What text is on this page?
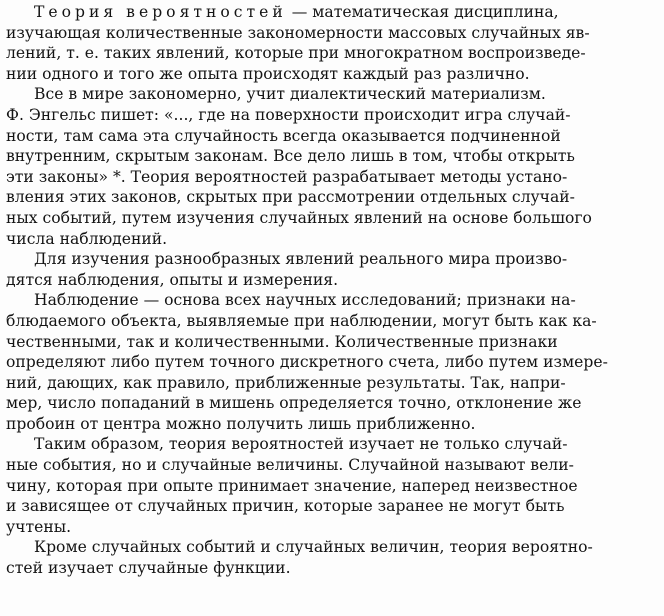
Теория вероятностей — математическая дисциплина,
изучающая количественные закономерности массовых случайных яв-
лений, т. е. таких явлений, которые при многократном воспроизведе-
нии одного и того же опыта происходят каждый раз различно.
Все в мире закономерно, учит диалектический материализм.
Ф. Энгельс пишет: «..., где на поверхности происходит игра случай-
ности, там сама эта случайность всегда оказывается подчиненной
внутренним, скрытым законам. Все дело лишь в том, чтобы открыть
эти законы» *. Теория вероятностей разрабатывает методы устано-
вления этих законов, скрытых при рассмотрении отдельных случай-
ных событий, путем изучения случайных явлений на основе большого
числа наблюдений.
Для изучения разнообразных явлений реального мира произво-
дятся наблюдения, опыты и измерения.
Наблюдение — основа всех научных исследований; признаки на-
блюдаемого объекта, выявляемые при наблюдении, могут быть как ка-
чественными, так и количественными. Количественные признаки
определяют либо путем точного дискретного счета, либо путем измере-
ний, дающих, как правило, приближенные результаты. Так, напри-
мер, число попаданий в мишень определяется точно, отклонение же
пробоин от центра можно получить лишь приближенно.
Таким образом, теория вероятностей изучает не только случай-
ные события, но и случайные величины. Случайной называют вели-
чину, которая при опыте принимает значение, наперед неизвестное
и зависящее от случайных причин, которые заранее не могут быть
учтены.
Кроме случайных событий и случайных величин, теория вероятно-
стей изучает случайные функции.
